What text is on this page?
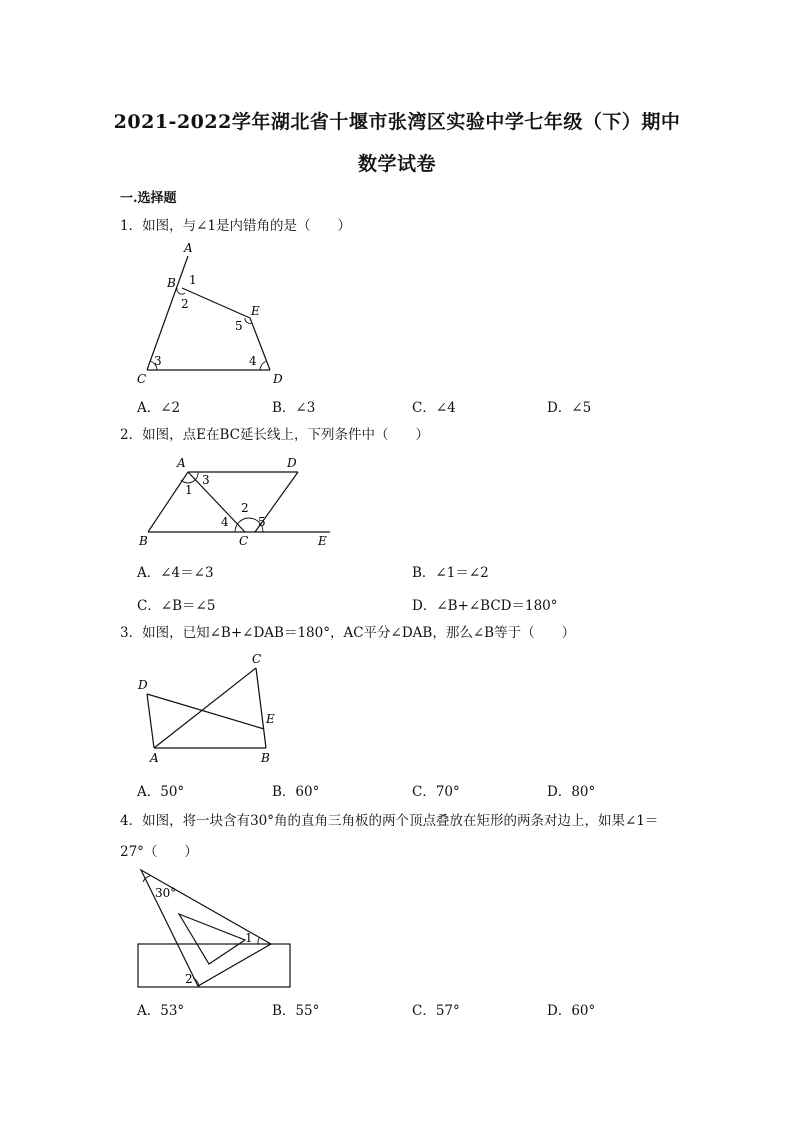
2021-2022学年湖北省十堰市张湾区实验中学七年级（下）期中
数学试卷
一.选择题
1．如图，与∠1是内错角的是（　　）
A
B 1
2	E
5
C
3	4
D
A．∠2	B．∠3	C．∠4	D．∠5
2．如图，点E在BC延长线上，下列条件中（　　）
A	D
3
1
2
4 5
B	C	E
A．∠4＝∠3	B．∠1＝∠2
C．∠B＝∠5	D．∠B+∠BCD＝180°
3．如图，已知∠B+∠DAB＝180°，AC平分∠DAB，那么∠B等于（　　）
C
D
E
A	B
A．50°	B．60°	C．70°	D．80°
4．如图，将一块含有30°角的直角三角板的两个顶点叠放在矩形的两条对边上，如果∠1＝
27°（　　）
30°
1
2
A．53°	B．55°	C．57°	D．60°
